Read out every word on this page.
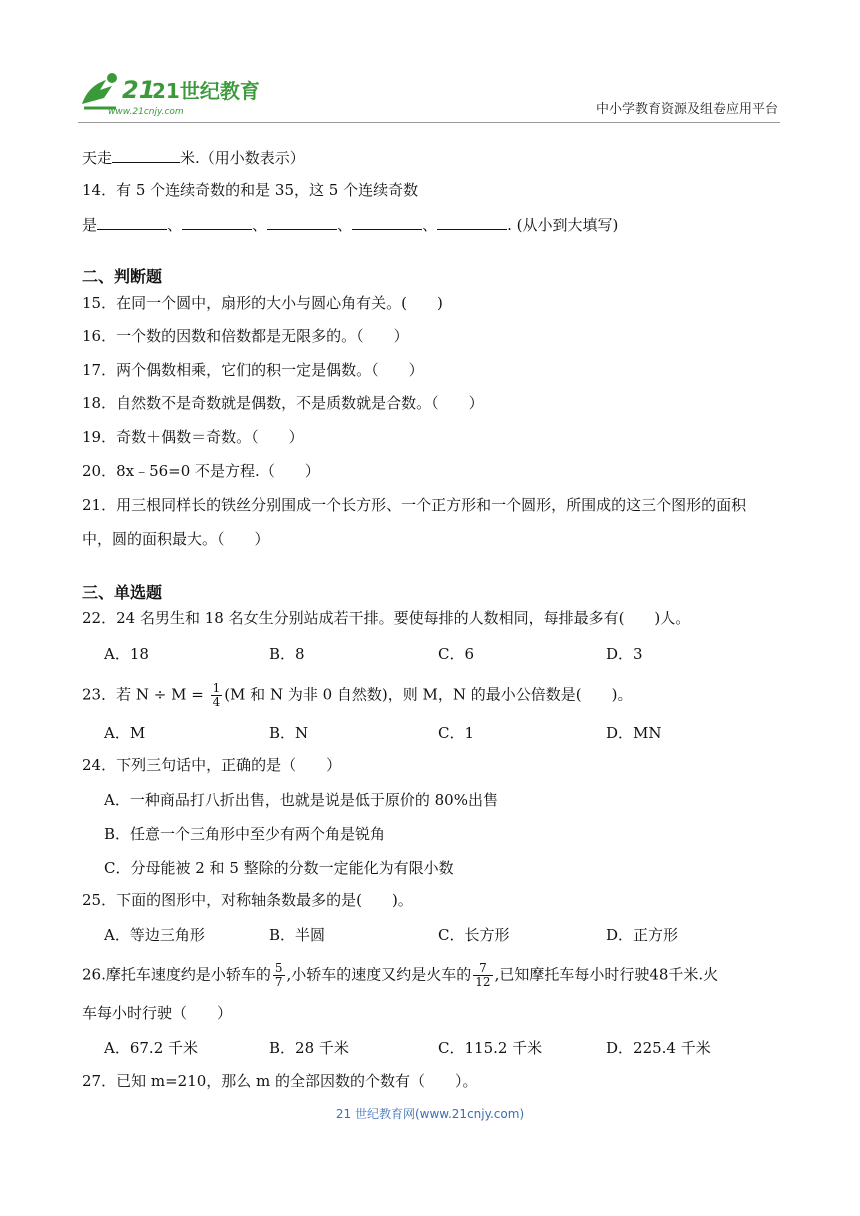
21
21世纪教育
www.21cnjy.com	中小学教育资源及组卷应用平台
天走	米.（用小数表示）
14．有 5 个连续奇数的和是 35，这 5 个连续奇数
是	、	、	、	、	. (从小到大填写)
二、判断题
15．在同一个圆中，扇形的大小与圆心角有关。(　　)
16．一个数的因数和倍数都是无限多的。（　　）
17．两个偶数相乘，它们的积一定是偶数。（　　）
18．自然数不是奇数就是偶数，不是质数就是合数。（　　）
19．奇数＋偶数＝奇数。（　　）
20．8x﹣56=0 不是方程.（　　）
21．用三根同样长的铁丝分别围成一个长方形、一个正方形和一个圆形，所围成的这三个图形的面积
中，圆的面积最大。（　　）
三、单选题
22．24 名男生和 18 名女生分别站成若干排。要使每排的人数相同，每排最多有(　　)人。
A．18	B．8	C．6	D．3
23．若 $N \div M = \frac{1}{4} (M$ 和 N 为非 0 自然数)，则 M，N 的最小公倍数是(　　)。
A．M	B．N	C．1	D．MN
24．下列三句话中，正确的是（　　）
A．一种商品打八折出售，也就是说是低于原价的 80%出售
B．任意一个三角形中至少有两个角是锐角
C．分母能被 2 和 5 整除的分数一定能化为有限小数
25．下面的图形中，对称轴条数最多的是(　　)。
A．等边三角形	B．半圆	C．长方形	D．正方形
26.摩托车速度约是小轿车的 $\frac{5}{7}$ ,小轿车的速度又约是火车的 $\frac{7}{12}$ ,已知摩托车每小时行驶48千米.火
车每小时行驶（　　）
A．67.2 千米	B．28 千米	C．115.2 千米	D．225.4 千米
27．已知 m=210，那么 m 的全部因数的个数有（　　）。
21 世纪教育网(www.21cnjy.com)
